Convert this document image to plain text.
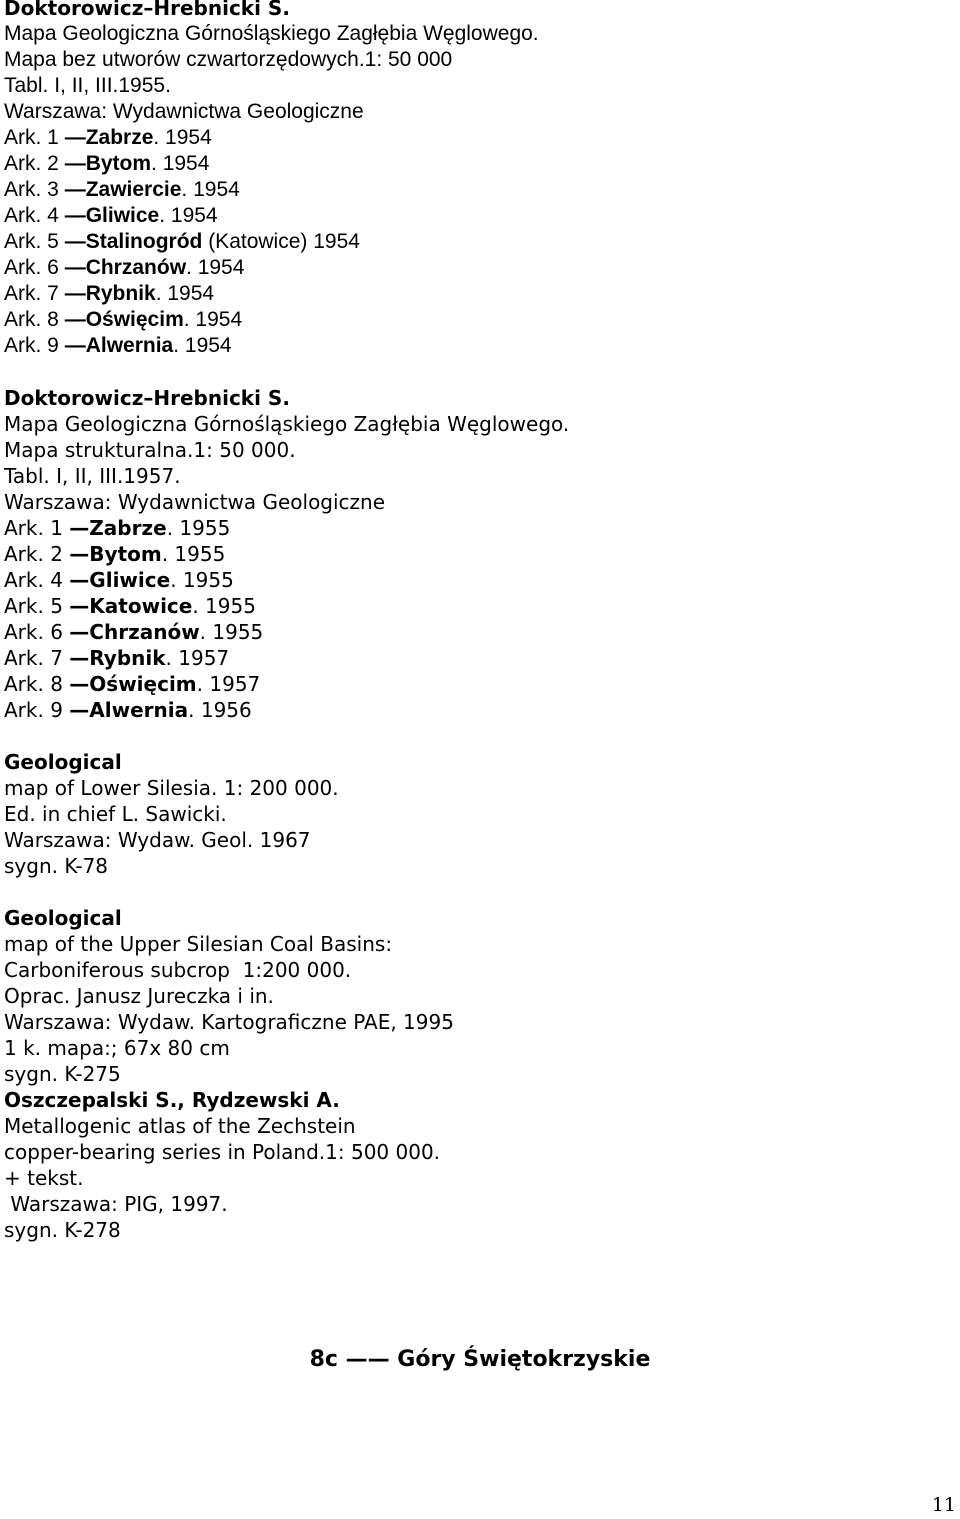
Doktorowicz–Hrebnicki S.
Mapa Geologiczna Górnośląskiego Zagłębia Węglowego.
Mapa bez utworów czwartorzędowych.1: 50 000
Tabl. I, II, III.1955.
Warszawa: Wydawnictwa Geologiczne
Ark. 1 —Zabrze. 1954
Ark. 2 —Bytom. 1954
Ark. 3 —Zawiercie. 1954
Ark. 4 —Gliwice. 1954
Ark. 5 —Stalinogród (Katowice) 1954
Ark. 6 —Chrzanów. 1954
Ark. 7 —Rybnik. 1954
Ark. 8 —Oświęcim. 1954
Ark. 9 —Alwernia. 1954
Doktorowicz–Hrebnicki S.
Mapa Geologiczna Górnośląskiego Zagłębia Węglowego.
Mapa strukturalna.1: 50 000.
Tabl. I, II, III.1957.
Warszawa: Wydawnictwa Geologiczne
Ark. 1 —Zabrze. 1955
Ark. 2 —Bytom. 1955
Ark. 4 —Gliwice. 1955
Ark. 5 —Katowice. 1955
Ark. 6 —Chrzanów. 1955
Ark. 7 —Rybnik. 1957
Ark. 8 —Oświęcim. 1957
Ark. 9 —Alwernia. 1956
Geological
map of Lower Silesia. 1: 200 000.
Ed. in chief L. Sawicki.
Warszawa: Wydaw. Geol. 1967
sygn. K-78
Geological
map of the Upper Silesian Coal Basins:
Carboniferous subcrop  1:200 000.
Oprac. Janusz Jureczka i in.
Warszawa: Wydaw. Kartograficzne PAE, 1995
1 k. mapa:; 67x 80 cm
sygn. K-275
Oszczepalski S., Rydzewski A.
Metallogenic atlas of the Zechstein
copper-bearing series in Poland.1: 500 000.
+ tekst.
Warszawa: PIG, 1997.
sygn. K-278
8c —— Góry Świętokrzyskie
11
